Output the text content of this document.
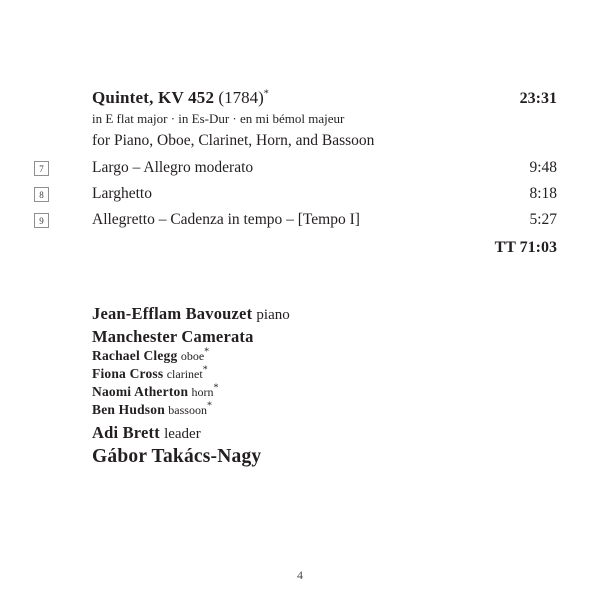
Quintet, KV 452 (1784)*	23:31
in E flat major · in Es-Dur · en mi bémol majeur
for Piano, Oboe, Clarinet, Horn, and Bassoon
7	Largo – Allegro moderato	9:48
8	Larghetto	8:18
9	Allegretto – Cadenza in tempo – [Tempo I]	5:27
TT 71:03
Jean-Efflam Bavouzet piano
Manchester Camerata
Rachael Clegg oboe*
Fiona Cross clarinet*
Naomi Atherton horn*
Ben Hudson bassoon*
Adi Brett leader
Gábor Takács-Nagy
4
